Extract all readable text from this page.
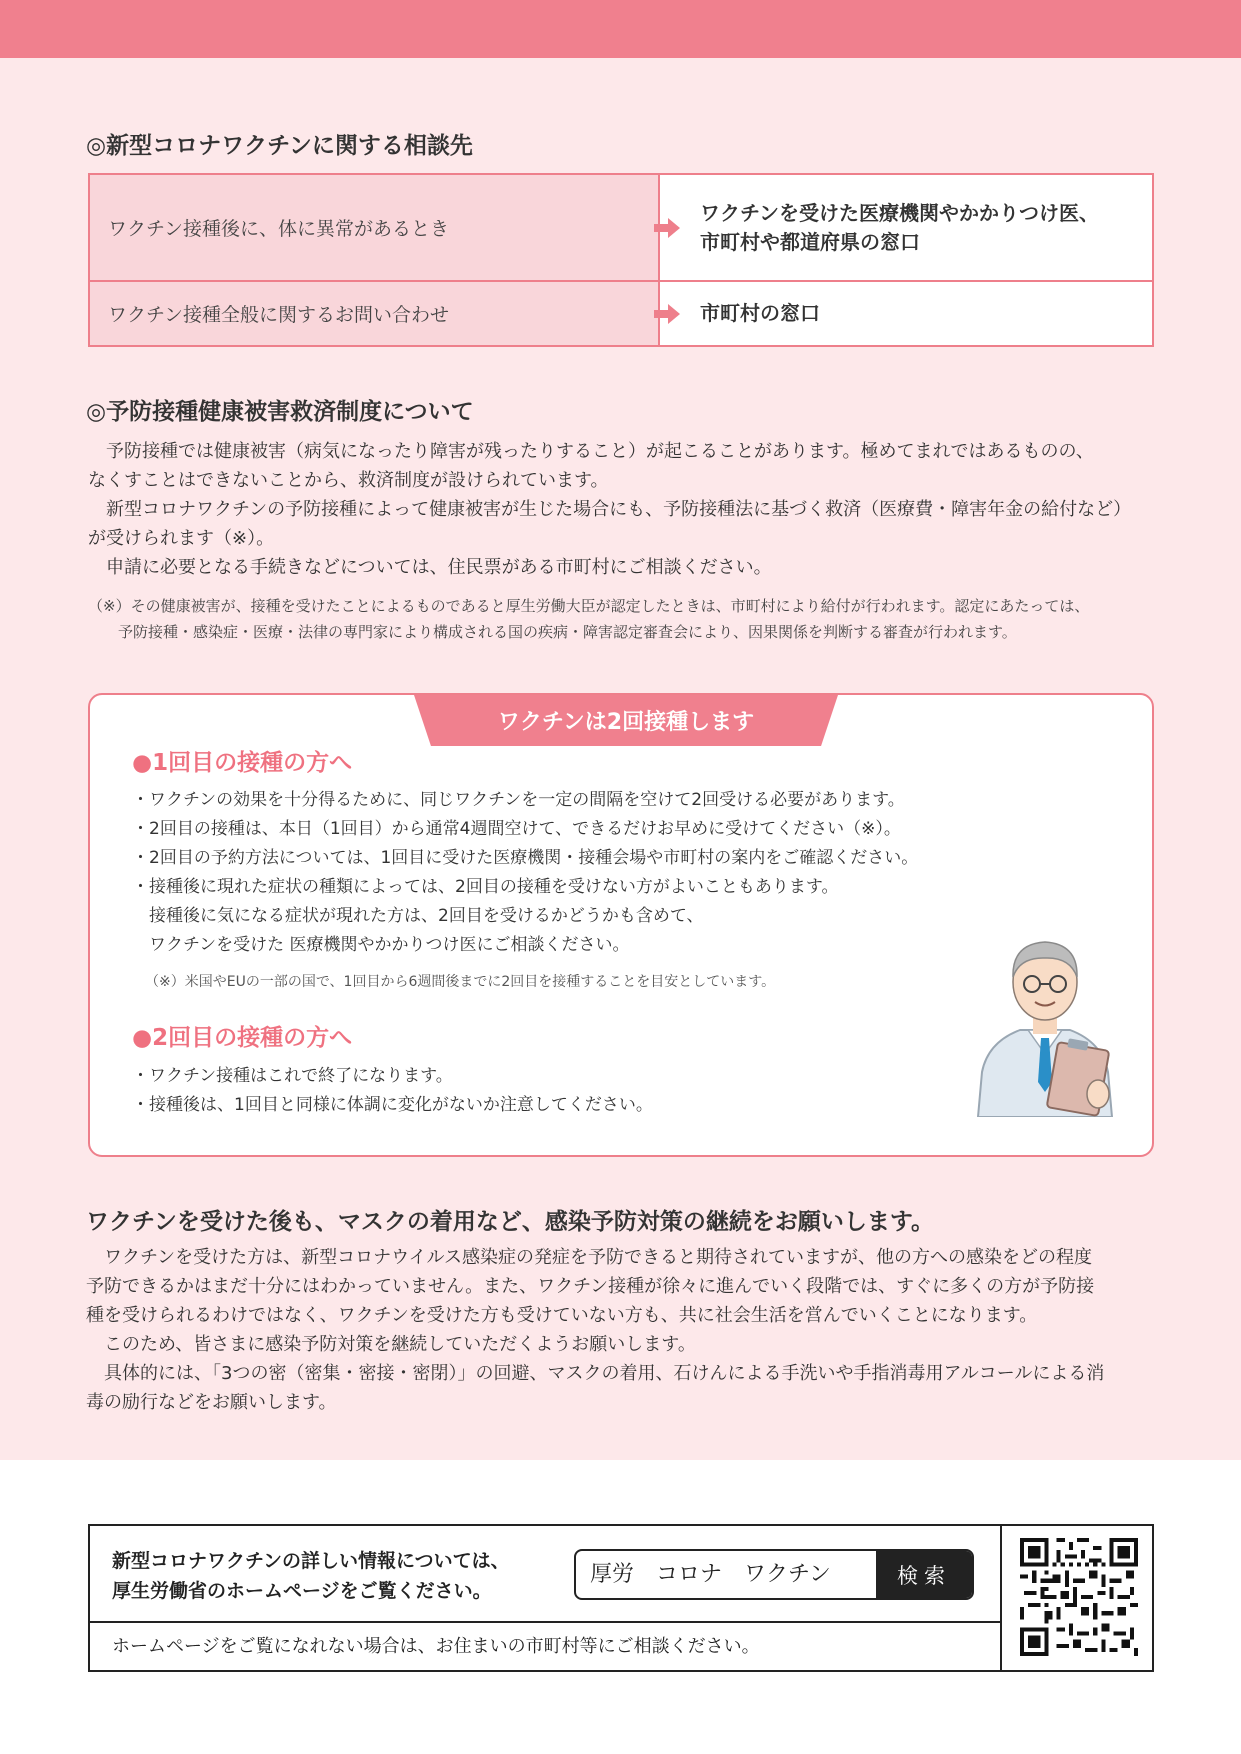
◎新型コロナワクチンに関する相談先
ワクチン接種後に、体に異常があるとき
ワクチンを受けた医療機関やかかりつけ医、
市町村や都道府県の窓口
ワクチン接種全般に関するお問い合わせ	市町村の窓口
◎予防接種健康被害救済制度について
　予防接種では健康被害（病気になったり障害が残ったりすること）が起こることがあります。極めてまれではあるものの、
なくすことはできないことから、救済制度が設けられています。
　新型コロナワクチンの予防接種によって健康被害が生じた場合にも、予防接種法に基づく救済（医療費・障害年金の給付など）
が受けられます（※）。
　申請に必要となる手続きなどについては、住民票がある市町村にご相談ください。
（※）その健康被害が、接種を受けたことによるものであると厚生労働大臣が認定したときは、市町村により給付が行われます。認定にあたっては、
　　予防接種・感染症・医療・法律の専門家により構成される国の疾病・障害認定審査会により、因果関係を判断する審査が行われます。
ワクチンは2回接種します
●1回目の接種の方へ
・ワクチンの効果を十分得るために、同じワクチンを一定の間隔を空けて2回受ける必要があります。
・2回目の接種は、本日（1回目）から通常4週間空けて、できるだけお早めに受けてください（※）。
・2回目の予約方法については、1回目に受けた医療機関・接種会場や市町村の案内をご確認ください。
・接種後に現れた症状の種類によっては、2回目の接種を受けない方がよいこともあります。
　接種後に気になる症状が現れた方は、2回目を受けるかどうかも含めて、
　ワクチンを受けた 医療機関やかかりつけ医にご相談ください。
（※）米国やEUの一部の国で、1回目から6週間後までに2回目を接種することを目安としています。
●2回目の接種の方へ
・ワクチン接種はこれで終了になります。
・接種後は、1回目と同様に体調に変化がないか注意してください。
ワクチンを受けた後も、マスクの着用など、感染予防対策の継続をお願いします。
　ワクチンを受けた方は、新型コロナウイルス感染症の発症を予防できると期待されていますが、他の方への感染をどの程度
予防できるかはまだ十分にはわかっていません。また、ワクチン接種が徐々に進んでいく段階では、すぐに多くの方が予防接
種を受けられるわけではなく、ワクチンを受けた方も受けていない方も、共に社会生活を営んでいくことになります。
　このため、皆さまに感染予防対策を継続していただくようお願いします。
　具体的には、「3つの密（密集・密接・密閉）」の回避、マスクの着用、石けんによる手洗いや手指消毒用アルコールによる消
毒の励行などをお願いします。
新型コロナワクチンの詳しい情報については、
厚生労働省のホームページをご覧ください。
厚労　コロナ　ワクチン	検索
ホームページをご覧になれない場合は、お住まいの市町村等にご相談ください。
